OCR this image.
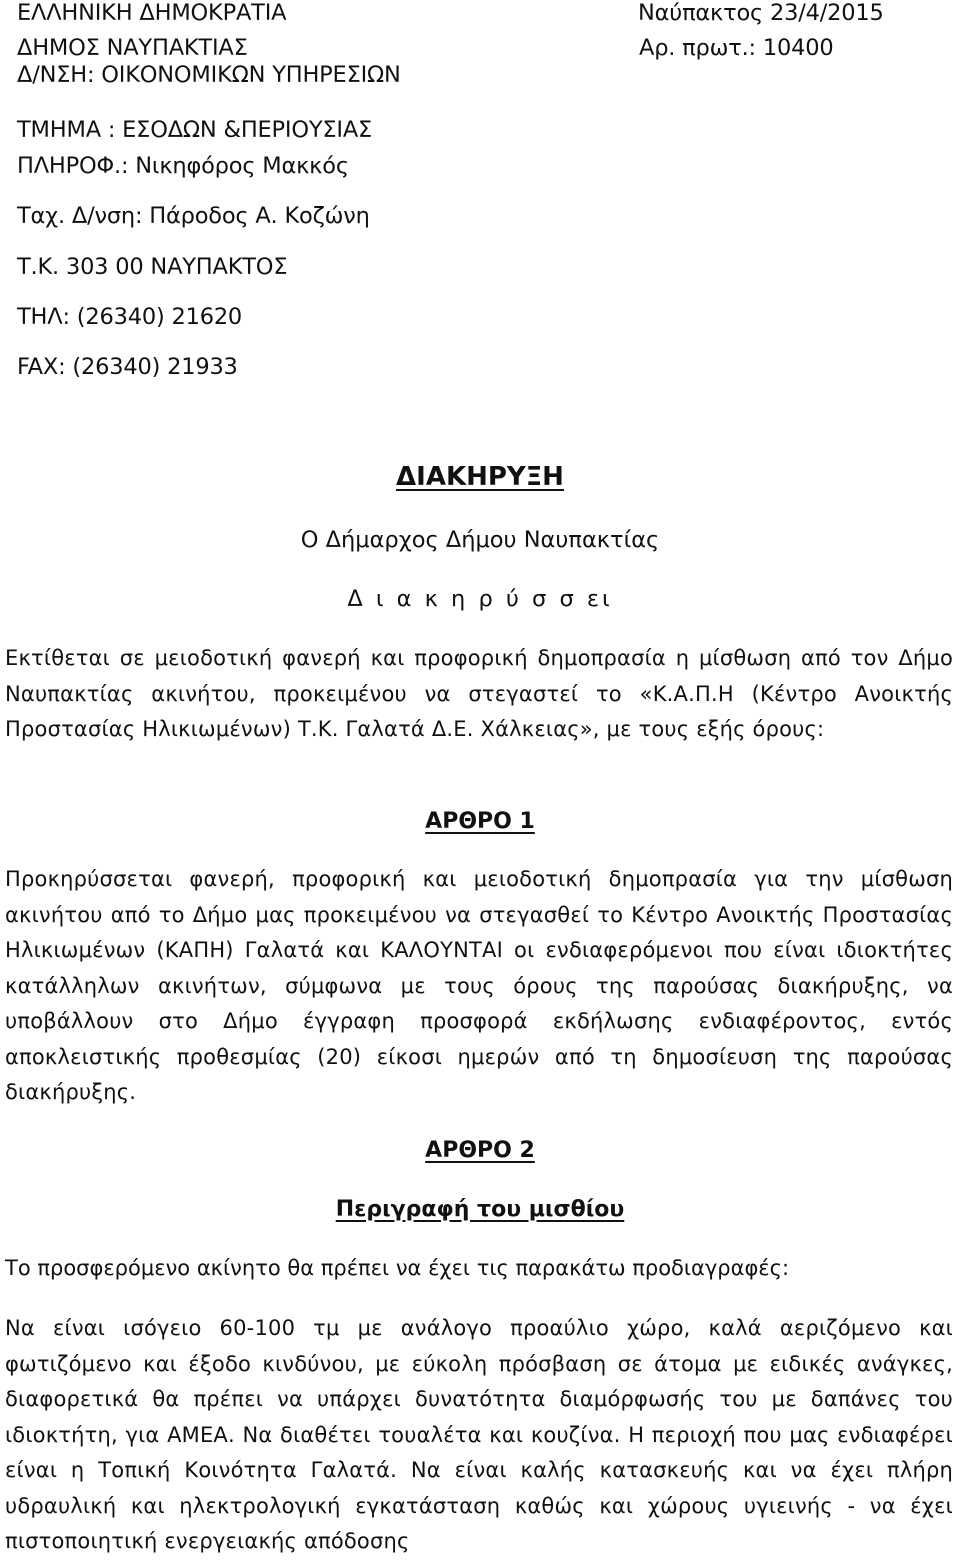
ΕΛΛΗΝΙΚΗ ΔΗΜΟΚΡΑΤΙΑ
ΔΗΜΟΣ ΝΑΥΠΑΚΤΙΑΣ
Δ/ΝΣΗ: ΟΙΚΟΝΟΜΙΚΩΝ ΥΠΗΡΕΣΙΩΝ
ΤΜΗΜΑ : ΕΣΟΔΩΝ &ΠΕΡΙΟΥΣΙΑΣ
ΠΛΗΡΟΦ.: Νικηφόρος Μακκός
Ταχ. Δ/νση: Πάροδος Α. Κοζώνη
Τ.Κ. 303 00 ΝΑΥΠΑΚΤΟΣ
ΤΗΛ: (26340) 21620
FAX: (26340) 21933
Ναύπακτος 23/4/2015
Αρ. πρωτ.: 10400
ΔΙΑΚΗΡΥΞΗ
Ο Δήμαρχος Δήμου Ναυπακτίας
Δ ι α κ η ρ ύ σ σ ει
Εκτίθεται σε μειοδοτική φανερή και προφορική δημοπρασία η μίσθωση από τον Δήμο Ναυπακτίας ακινήτου, προκειμένου να στεγαστεί το «Κ.Α.Π.Η (Κέντρο Ανοικτής Προστασίας Ηλικιωμένων) Τ.Κ. Γαλατά Δ.Ε. Χάλκειας», με τους εξής όρους:
ΑΡΘΡΟ 1
Προκηρύσσεται φανερή, προφορική και μειοδοτική δημοπρασία για την μίσθωση ακινήτου από το Δήμο μας προκειμένου να στεγασθεί το Κέντρο Ανοικτής Προστασίας Ηλικιωμένων (ΚΑΠΗ) Γαλατά και ΚΑΛΟΥΝΤΑΙ οι ενδιαφερόμενοι που είναι ιδιοκτήτες κατάλληλων ακινήτων, σύμφωνα με τους όρους της παρούσας διακήρυξης, να υποβάλλουν στο Δήμο έγγραφη προσφορά εκδήλωσης ενδιαφέροντος, εντός αποκλειστικής προθεσμίας (20) είκοσι ημερών από τη δημοσίευση της παρούσας διακήρυξης.
ΑΡΘΡΟ 2
Περιγραφή του μισθίου
Το προσφερόμενο ακίνητο θα πρέπει να έχει τις παρακάτω προδιαγραφές:
Να είναι ισόγειο 60-100 τμ με ανάλογο προαύλιο χώρο, καλά αεριζόμενο και φωτιζόμενο και έξοδο κινδύνου, με εύκολη πρόσβαση σε άτομα με ειδικές ανάγκες, διαφορετικά θα πρέπει να υπάρχει δυνατότητα διαμόρφωσής του με δαπάνες του ιδιοκτήτη, για ΑΜΕΑ. Να διαθέτει τουαλέτα και κουζίνα. Η περιοχή που μας ενδιαφέρει είναι η Τοπική Κοινότητα Γαλατά. Να είναι καλής κατασκευής και να έχει πλήρη υδραυλική και ηλεκτρολογική εγκατάσταση καθώς και χώρους υγιεινής - να έχει πιστοποιητική ενεργειακής απόδοσης
